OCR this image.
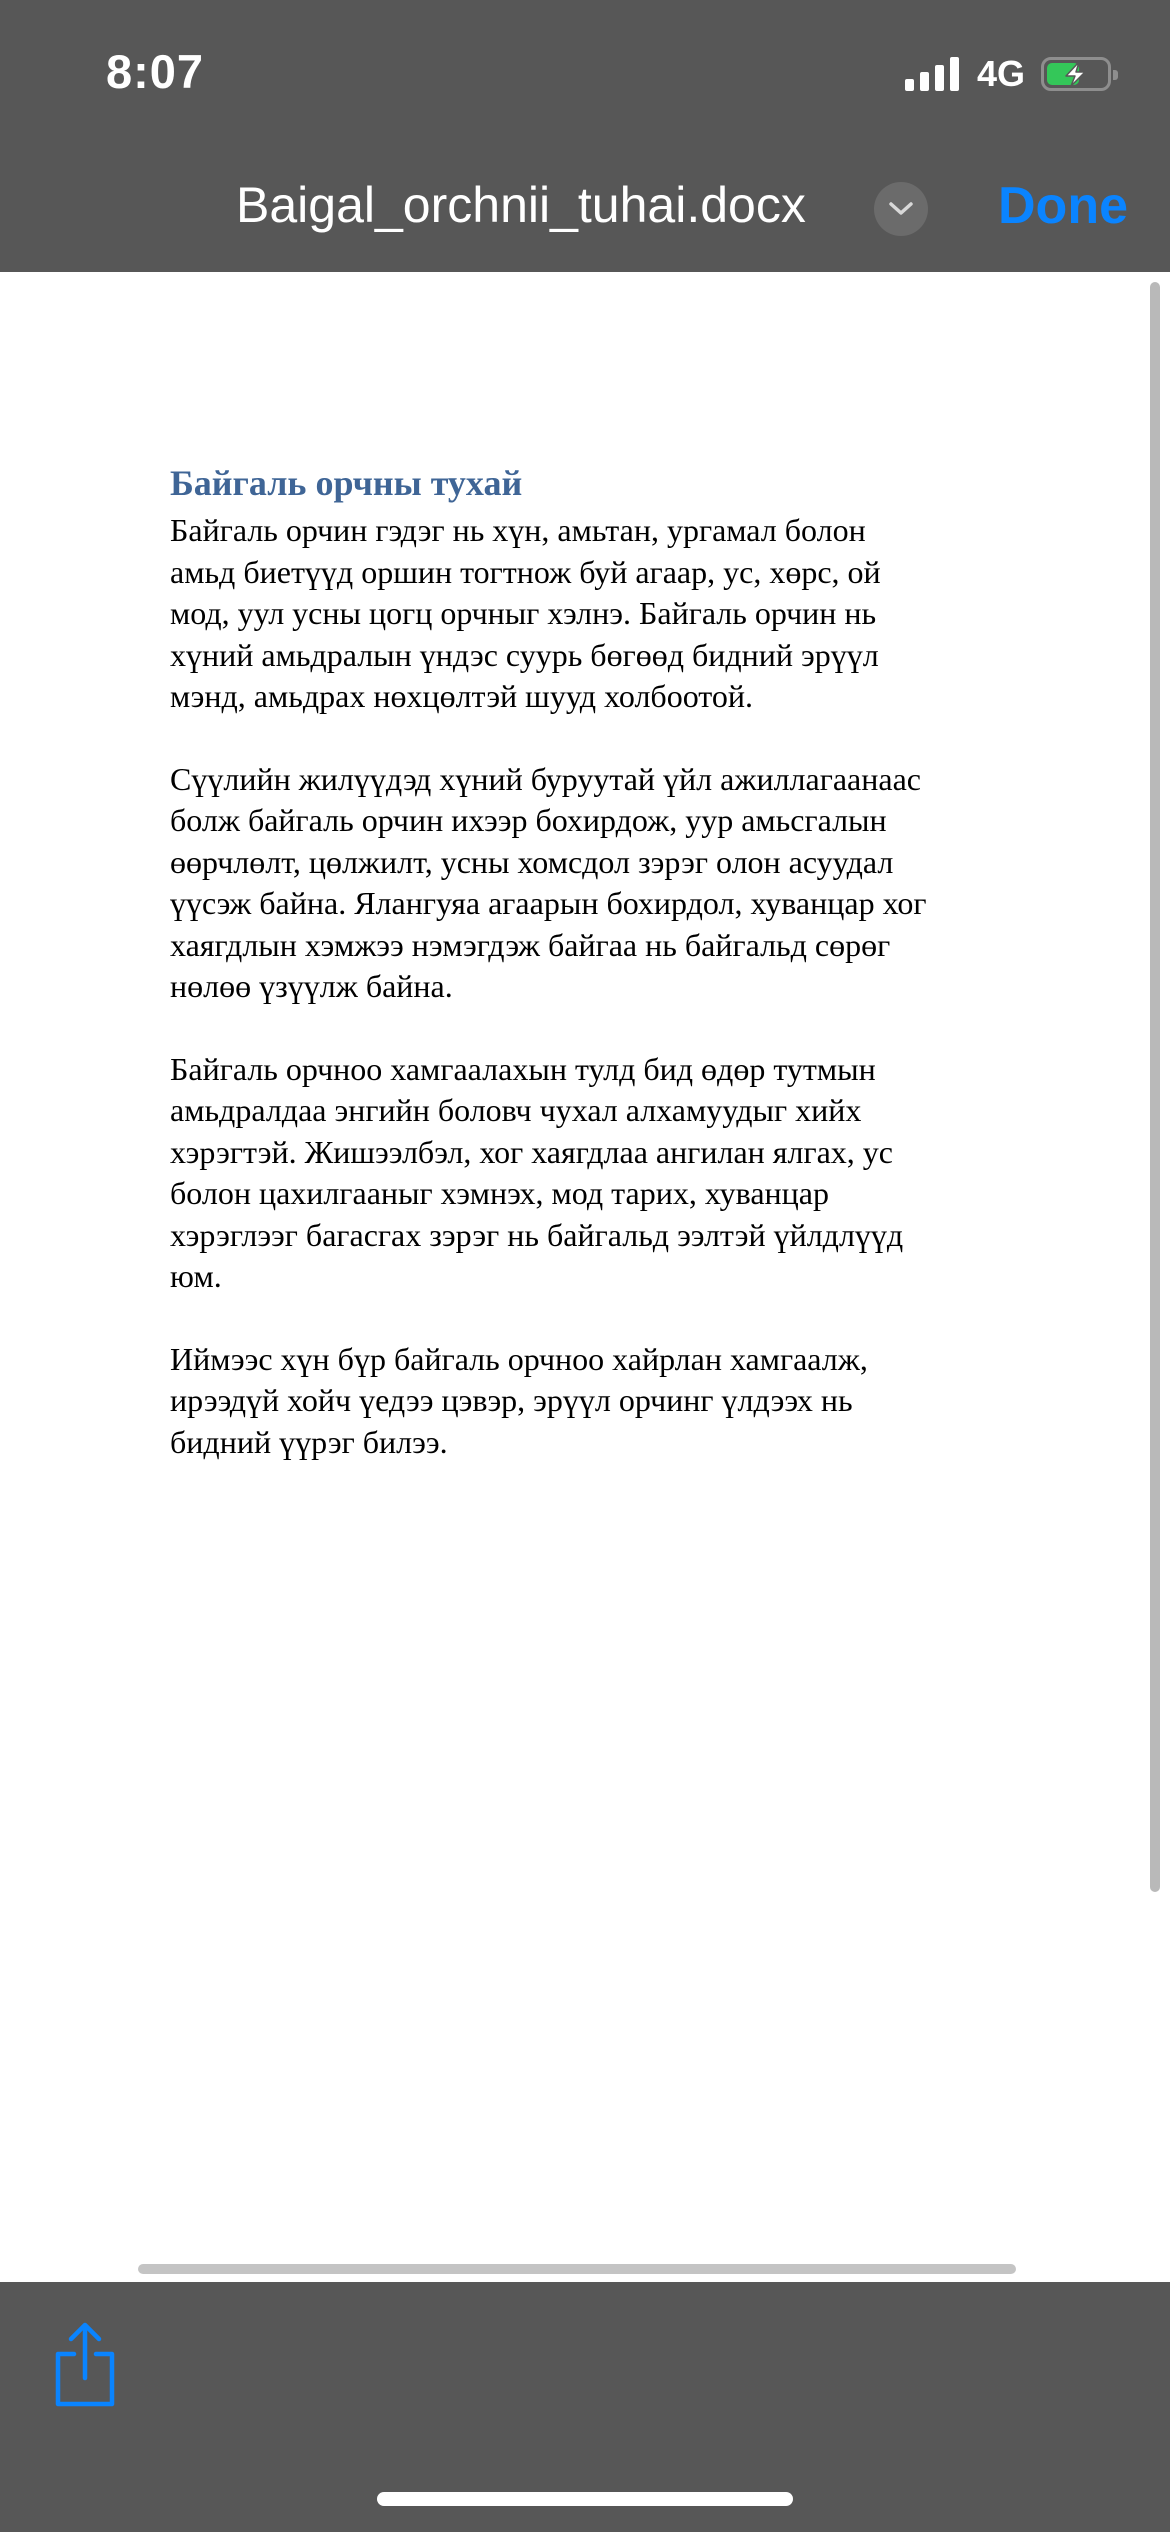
8:07	4G
Baigal_orchnii_tuhai.docx	Done
Байгаль орчны тухай

Байгаль орчин гэдэг нь хүн, амьтан, ургамал болон
амьд биетүүд оршин тогтнож буй агаар, ус, хөрс, ой
мод, уул усны цогц орчныг хэлнэ. Байгаль орчин нь
хүний амьдралын үндэс суурь бөгөөд бидний эрүүл
мэнд, амьдрах нөхцөлтэй шууд холбоотой.

Сүүлийн жилүүдэд хүний буруутай үйл ажиллагаанаас
болж байгаль орчин ихээр бохирдож, уур амьсгалын
өөрчлөлт, цөлжилт, усны хомсдол зэрэг олон асуудал
үүсэж байна. Ялангуяа агаарын бохирдол, хуванцар хог
хаягдлын хэмжээ нэмэгдэж байгаа нь байгальд сөрөг
нөлөө үзүүлж байна.

Байгаль орчноо хамгаалахын тулд бид өдөр тутмын
амьдралдаа энгийн боловч чухал алхамуудыг хийх
хэрэгтэй. Жишээлбэл, хог хаягдлаа ангилан ялгах, ус
болон цахилгааныг хэмнэх, мод тарих, хуванцар
хэрэглээг багасгах зэрэг нь байгальд ээлтэй үйлдлүүд
юм.

Иймээс хүн бүр байгаль орчноо хайрлан хамгаалж,
ирээдүй хойч үедээ цэвэр, эрүүл орчинг үлдээх нь
бидний үүрэг билээ.
